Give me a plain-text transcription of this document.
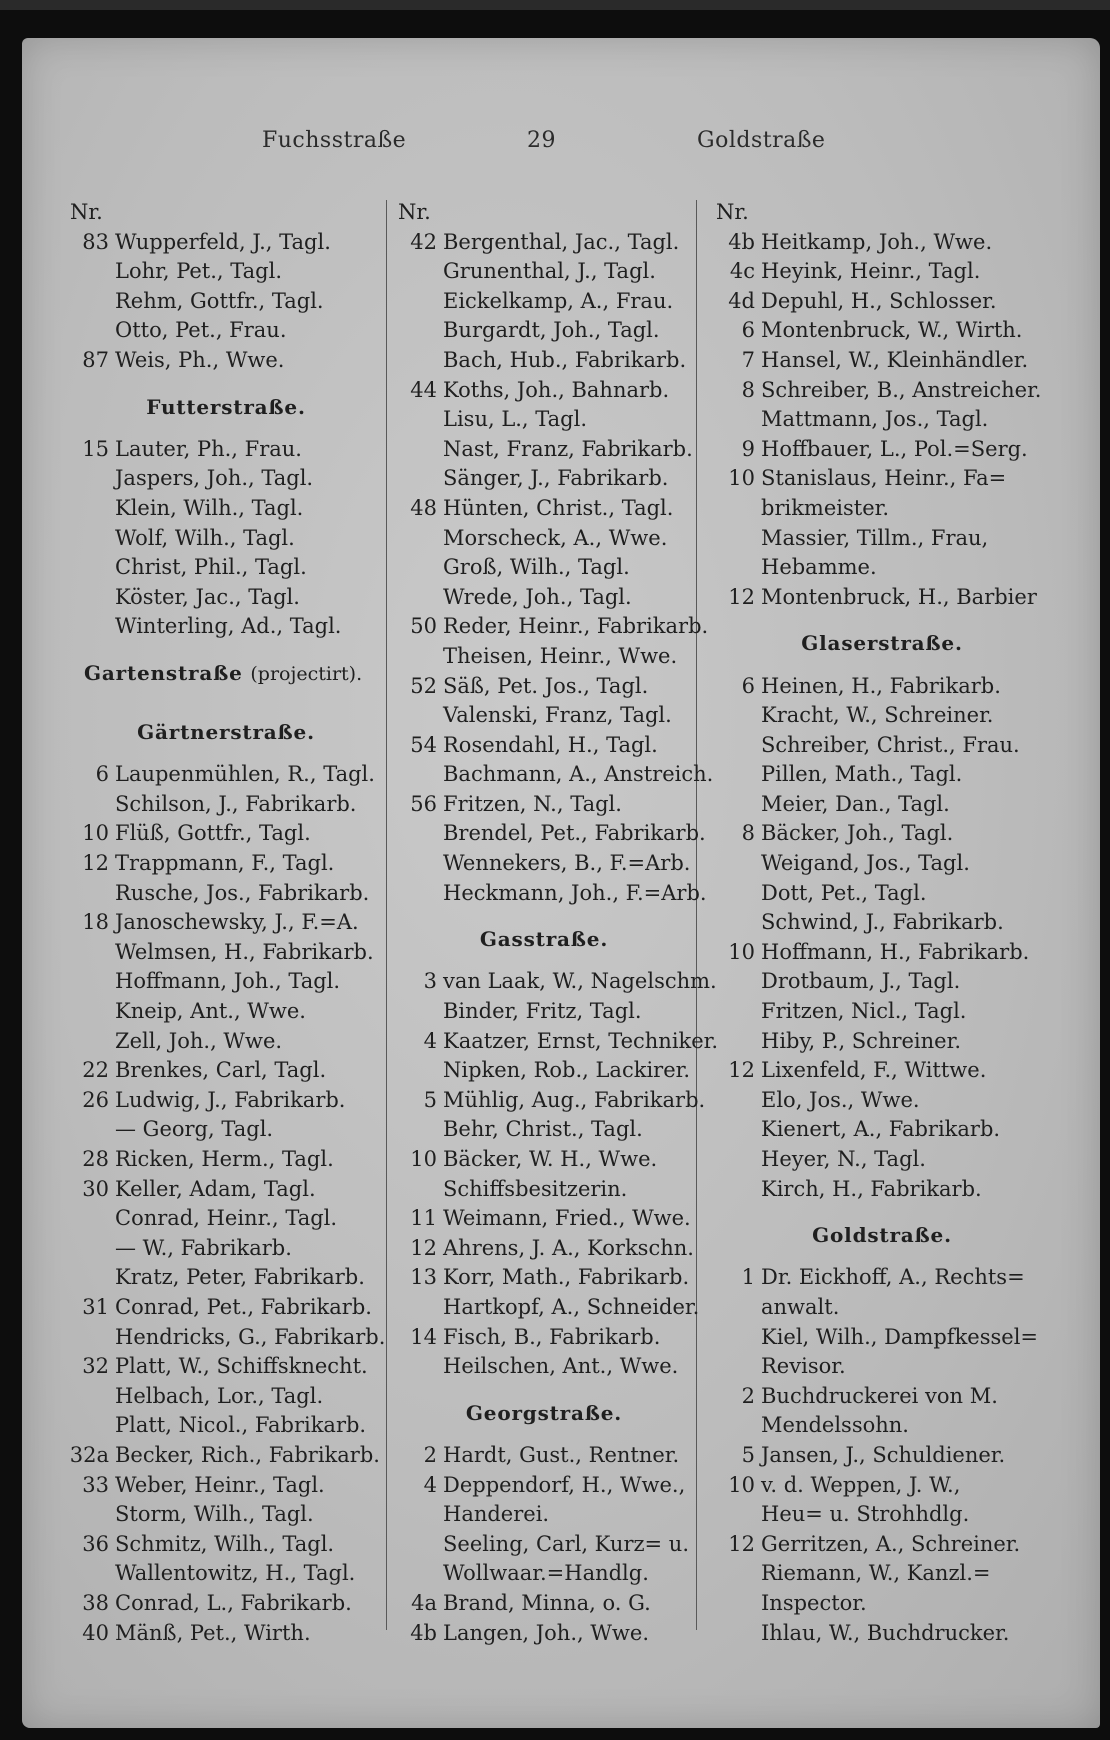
Fuchsstraße	29	Goldstraße
Nr.
83 Wupperfeld, J., Tagl.
Lohr, Pet., Tagl.
Rehm, Gottfr., Tagl.
Otto, Pet., Frau.
87 Weis, Ph., Wwe.
Futterstraße.
15 Lauter, Ph., Frau.
Jaspers, Joh., Tagl.
Klein, Wilh., Tagl.
Wolf, Wilh., Tagl.
Christ, Phil., Tagl.
Köster, Jac., Tagl.
Winterling, Ad., Tagl.
Gartenstraße (projectirt).
Gärtnerstraße.
6 Laupenmühlen, R., Tagl.
Schilson, J., Fabrikarb.
10 Flüß, Gottfr., Tagl.
12 Trappmann, F., Tagl.
Rusche, Jos., Fabrikarb.
18 Janoschewsky, J., F.=A.
Welmsen, H., Fabrikarb.
Hoffmann, Joh., Tagl.
Kneip, Ant., Wwe.
Zell, Joh., Wwe.
22 Brenkes, Carl, Tagl.
26 Ludwig, J., Fabrikarb.
— Georg, Tagl.
28 Ricken, Herm., Tagl.
30 Keller, Adam, Tagl.
Conrad, Heinr., Tagl.
— W., Fabrikarb.
Kratz, Peter, Fabrikarb.
31 Conrad, Pet., Fabrikarb.
Hendricks, G., Fabrikarb.
32 Platt, W., Schiffsknecht.
Helbach, Lor., Tagl.
Platt, Nicol., Fabrikarb.
32a Becker, Rich., Fabrikarb.
33 Weber, Heinr., Tagl.
Storm, Wilh., Tagl.
36 Schmitz, Wilh., Tagl.
Wallentowitz, H., Tagl.
38 Conrad, L., Fabrikarb.
40 Mänß, Pet., Wirth.
Nr.
42 Bergenthal, Jac., Tagl.
Grunenthal, J., Tagl.
Eickelkamp, A., Frau.
Burgardt, Joh., Tagl.
Bach, Hub., Fabrikarb.
44 Koths, Joh., Bahnarb.
Lisu, L., Tagl.
Nast, Franz, Fabrikarb.
Sänger, J., Fabrikarb.
48 Hünten, Christ., Tagl.
Morscheck, A., Wwe.
Groß, Wilh., Tagl.
Wrede, Joh., Tagl.
50 Reder, Heinr., Fabrikarb.
Theisen, Heinr., Wwe.
52 Säß, Pet. Jos., Tagl.
Valenski, Franz, Tagl.
54 Rosendahl, H., Tagl.
Bachmann, A., Anstreich.
56 Fritzen, N., Tagl.
Brendel, Pet., Fabrikarb.
Wennekers, B., F.=Arb.
Heckmann, Joh., F.=Arb.
Gasstraße.
3 van Laak, W., Nagelschm.
Binder, Fritz, Tagl.
4 Kaatzer, Ernst, Techniker.
Nipken, Rob., Lackirer.
5 Mühlig, Aug., Fabrikarb.
Behr, Christ., Tagl.
10 Bäcker, W. H., Wwe.
Schiffsbesitzerin.
11 Weimann, Fried., Wwe.
12 Ahrens, J. A., Korkschn.
13 Korr, Math., Fabrikarb.
Hartkopf, A., Schneider.
14 Fisch, B., Fabrikarb.
Heilschen, Ant., Wwe.
Georgstraße.
2 Hardt, Gust., Rentner.
4 Deppendorf, H., Wwe.,
Handerei.
Seeling, Carl, Kurz= u.
Wollwaar.=Handlg.
4a Brand, Minna, o. G.
4b Langen, Joh., Wwe.
Nr.
4b Heitkamp, Joh., Wwe.
4c Heyink, Heinr., Tagl.
4d Depuhl, H., Schlosser.
6 Montenbruck, W., Wirth.
7 Hansel, W., Kleinhändler.
8 Schreiber, B., Anstreicher.
Mattmann, Jos., Tagl.
9 Hoffbauer, L., Pol.=Serg.
10 Stanislaus, Heinr., Fa=
brikmeister.
Massier, Tillm., Frau,
Hebamme.
12 Montenbruck, H., Barbier
Glaserstraße.
6 Heinen, H., Fabrikarb.
Kracht, W., Schreiner.
Schreiber, Christ., Frau.
Pillen, Math., Tagl.
Meier, Dan., Tagl.
8 Bäcker, Joh., Tagl.
Weigand, Jos., Tagl.
Dott, Pet., Tagl.
Schwind, J., Fabrikarb.
10 Hoffmann, H., Fabrikarb.
Drotbaum, J., Tagl.
Fritzen, Nicl., Tagl.
Hiby, P., Schreiner.
12 Lixenfeld, F., Wittwe.
Elo, Jos., Wwe.
Kienert, A., Fabrikarb.
Heyer, N., Tagl.
Kirch, H., Fabrikarb.
Goldstraße.
1 Dr. Eickhoff, A., Rechts=
anwalt.
Kiel, Wilh., Dampfkessel=
Revisor.
2 Buchdruckerei von M.
Mendelssohn.
5 Jansen, J., Schuldiener.
10 v. d. Weppen, J. W.,
Heu= u. Strohhdlg.
12 Gerritzen, A., Schreiner.
Riemann, W., Kanzl.=
Inspector.
Ihlau, W., Buchdrucker.
